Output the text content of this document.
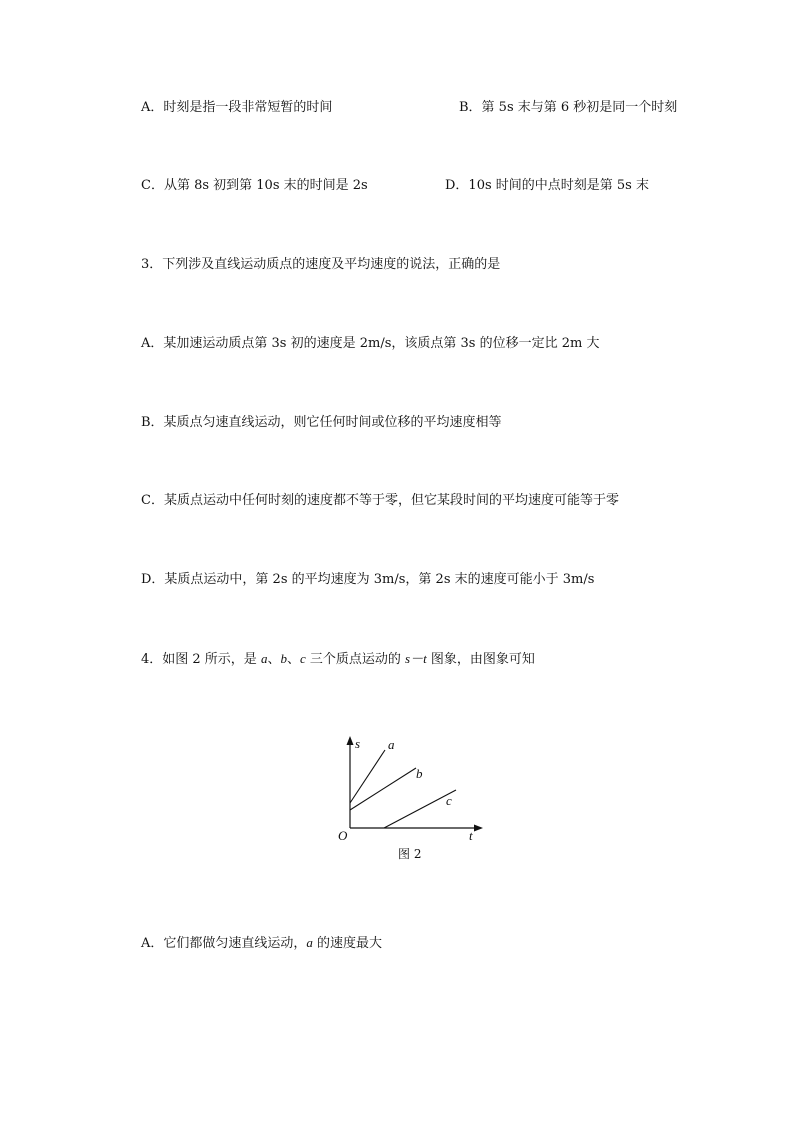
A．时刻是指一段非常短暂的时间	B．第 5s 末与第 6 秒初是同一个时刻
C．从第 8s 初到第 10s 末的时间是 2s	D．10s 时间的中点时刻是第 5s 末
3．下列涉及直线运动质点的速度及平均速度的说法，正确的是
A．某加速运动质点第 3s 初的速度是 2m/s，该质点第 3s 的位移一定比 2m 大
B．某质点匀速直线运动，则它任何时间或位移的平均速度相等
C．某质点运动中任何时刻的速度都不等于零，但它某段时间的平均速度可能等于零
D．某质点运动中，第 2s 的平均速度为 3m/s，第 2s 末的速度可能小于 3m/s
4．如图 2 所示，是 a、b、c 三个质点运动的 s－t 图象，由图象可知
s a
b
c
O	t
图 2
A．它们都做匀速直线运动，a 的速度最大
